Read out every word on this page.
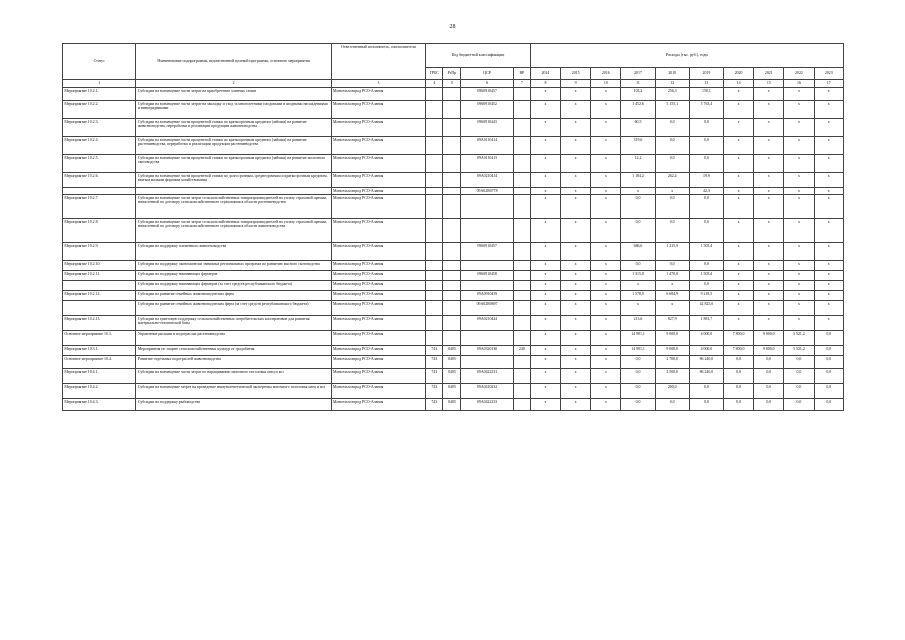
28
Статус	Наименование подпрограммы, ведомственной целевой программы, основного мероприятия	Ответственный исполнитель, соисполнители	Код бюджетной классификации				Расходы (тыс. руб.), годы									
			ГРБС	РзПр	ЦСР	ВР	2014	2015	2016	2017	2018	2019	2020	2021	2022	2023
1	2	3	4	5	6	7	8	9	10	11	12	13	14	15	16	17
Мероприятие 10.2.1.	Субсидии на возмещение части затрат на приобретение элитных семян	Минсельхозпрод РСО-Алания			0960910457		x	x	x	103,2	256,3	150,1	x	x	x	x
Мероприятие 10.2.2.	Субсидии на возмещение части затрат на закладку и уход за многолетними плодовыми и ягодными насаждениями и виноградниками	Минсельхозпрод РСО-Алания			0960910452		x	x	x	1 452,6	5 155,1	5 763,4	x	x	x	x
Мероприятие 10.2.3.	Субсидии на возмещение части процентной ставки по краткосрочным кредитам (займам) на развитие животноводства, переработки и реализации продукции животноводства	Минсельхозпрод РСО-Алания			0960910443		x	x	x	60,5	0,0	0,0	x	x	x	x
Мероприятие 10.2.4.	Субсидии на возмещение части процентной ставки по краткосрочным кредитам (займам) на развитие растениеводства, переработки и реализации продукции растениеводства	Минсельхозпрод РСО-Алания			09А0110414		x	x	x	319,6	0,0	0,0	x	x	x	x
Мероприятие 10.2.5.	Субсидии на возмещение части процентной ставки по краткосрочным кредитам (займам) на развитие молочного скотоводства	Минсельхозпрод РСО-Алания			09А0110415		x	x	x	12,2	0,0	0,0	x	x	x	x
Мероприятие 10.2.6.	Субсидии на возмещение части процентной ставки по долгосрочным, среднесрочным и краткосрочным кредитам, взятым малыми формами хозяйствования	Минсельхозпрод РСО-Алания			09А0210414		x	x	x	1 184,2	262,4	19,9	x	x	x	x
		Минсельхозпрод РСО-Алания			09А02R0778		x	x	x	x	x	42,3	x	x	x	x
Мероприятие 10.2.7.	Субсидии на возмещение части затрат сельскохозяйственных товаропроизводителей на уплату страховой премии, начисленной по договору сельскохозяйственного страхования в области растениеводства	Минсельхозпрод РСО-Алания					x	x	x	0,0	0,0	0,0	x	x	x	x
Мероприятие 10.2.8.	Субсидии на возмещение части затрат сельскохозяйственных товаропроизводителей на уплату страховой премии, начисленной по договору сельскохозяйственного страхования в области животноводства	Минсельхозпрод РСО-Алания					x	x	x	0,0	0,0	0,0	x	x	x	x
Мероприятие 10.2.9.	Субсидии на поддержку племенного животноводства	Минсельхозпрод РСО-Алания			0960910457		x	x	x	686,6	1 215,9	1 505,4	x	x	x	x
Мероприятие 10.2.10.	Субсидии на поддержку экономически значимых региональных программ по развитию мясного скотоводства	Минсельхозпрод РСО-Алания					x	x	x	0,0	0,0	0,0	x	x	x	x
Мероприятие 10.2.11.	Субсидии на поддержку начинающих фермеров	Минсельхозпрод РСО-Алания			0960910458		x	x	x	1 315,8	1 470,0	1 505,4	x	x	x	x
	Субсидии на поддержку начинающих фермеров (за счет средств республиканского бюджета)	Минсельхозпрод РСО-Алания					x	x	x	x	x	0,0	x	x	x	x
Мероприятие 10.2.12.	Субсидии на развитие семейных животноводческих ферм	Минсельхозпрод РСО-Алания			09А0910459		x	x	x	1 578,9	6 684,9	9 218,5	x	x	x	x
	Субсидии на развитие семейных животноводческих ферм (за счет средств республиканского бюджета)	Минсельхозпрод РСО-Алания			09А02R0697		x	x	x	x	x	42 825,0	x	x	x	x
Мероприятие 10.2.13.	Субсидии на грантовую поддержку сельскохозяйственных потребительских кооперативов для развития материально-технической базы	Минсельхозпрод РСО-Алания			09А0210424		x	x	x	213,6	827,9	1 881,7	x	x	x	x
Основное мероприятие 10.3.	Управление рисками в подотраслях растениеводства	Минсельхозпрод РСО-Алания					x	x	x	14 981,1	9 000,0	4 000,0	7 800,0	9 000,0	5 521,2	0,0
Мероприятие 10.3.1.	Мероприятия по защите сельскохозяйственных культур от градобития	Минсельхозпрод РСО-Алания	743	0405	09А0320130	240	x	x	x	14 981,1	9 000,0	4 000,0	7 800,0	9 000,0	5 521,2	0,0
Основное мероприятие 10.4.	Развитие отдельных подотраслей животноводства	Минсельхозпрод РСО-Алания	743	0405			x	x	x	0,0	2 700,0	86 240,0	0,0	0,0	0,0	0,0
Мероприятие 10.4.1.	Субсидии на возмещение части затрат по наращиванию маточного поголовья овец и коз	Минсельхозпрод РСО-Алания	743	0405	09А0422231		x	x	x	0,0	2 500,0	86 240,0	0,0	0,0	0,0	0,0
Мероприятие 10.4.2.	Субсидии на возмещение затрат на проведение иммуногенетической экспертизы маточного поголовья овец и коз	Минсельхозпрод РСО-Алания	743	0405	09А0410232		x	x	x	0,0	200,0	0,0	0,0	0,0	0,0	0,0
Мероприятие 10.4.3.	Субсидии на поддержку рыбоводства	Минсельхозпрод РСО-Алания	743	0405	09А0422233		x	x	x	0,0	0,0	0,0	0,0	0,0	0,0	0,0
